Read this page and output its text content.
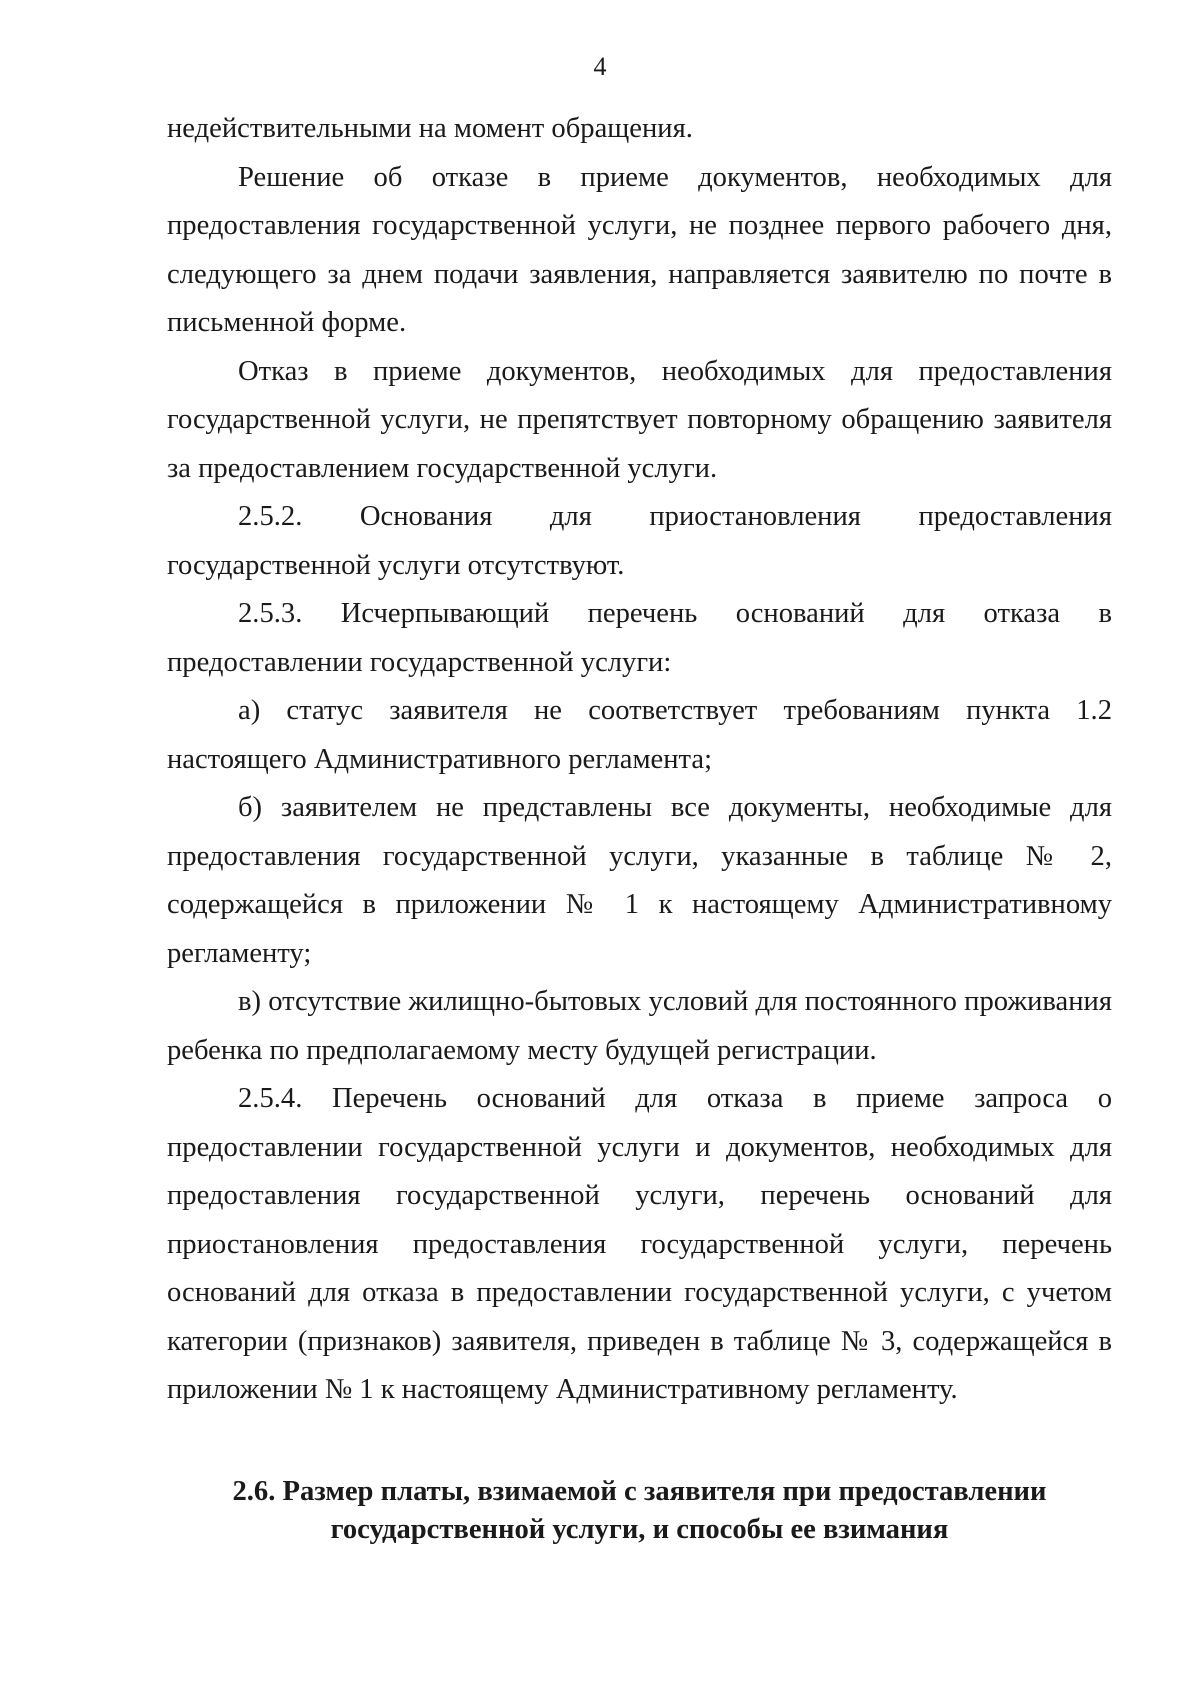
4

недействительными на момент обращения.

Решение об отказе в приеме документов, необходимых для предоставления государственной услуги, не позднее первого рабочего дня, следующего за днем подачи заявления, направляется заявителю по почте в письменной форме.

Отказ в приеме документов, необходимых для предоставления государственной услуги, не препятствует повторному обращению заявителя за предоставлением государственной услуги.

2.5.2. Основания для приостановления предоставления государственной услуги отсутствуют.

2.5.3. Исчерпывающий перечень оснований для отказа в предоставлении государственной услуги:

а) статус заявителя не соответствует требованиям пункта 1.2 настоящего Административного регламента;

б) заявителем не представлены все документы, необходимые для предоставления государственной услуги, указанные в таблице № 2, содержащейся в приложении № 1 к настоящему Административному регламенту;

в) отсутствие жилищно-бытовых условий для постоянного проживания ребенка по предполагаемому месту будущей регистрации.

2.5.4. Перечень оснований для отказа в приеме запроса о предоставлении государственной услуги и документов, необходимых для предоставления государственной услуги, перечень оснований для приостановления предоставления государственной услуги, перечень оснований для отказа в предоставлении государственной услуги, с учетом категории (признаков) заявителя, приведен в таблице № 3, содержащейся в приложении № 1 к настоящему Административному регламенту.

2.6. Размер платы, взимаемой с заявителя при предоставлении
государственной услуги, и способы ее взимания
